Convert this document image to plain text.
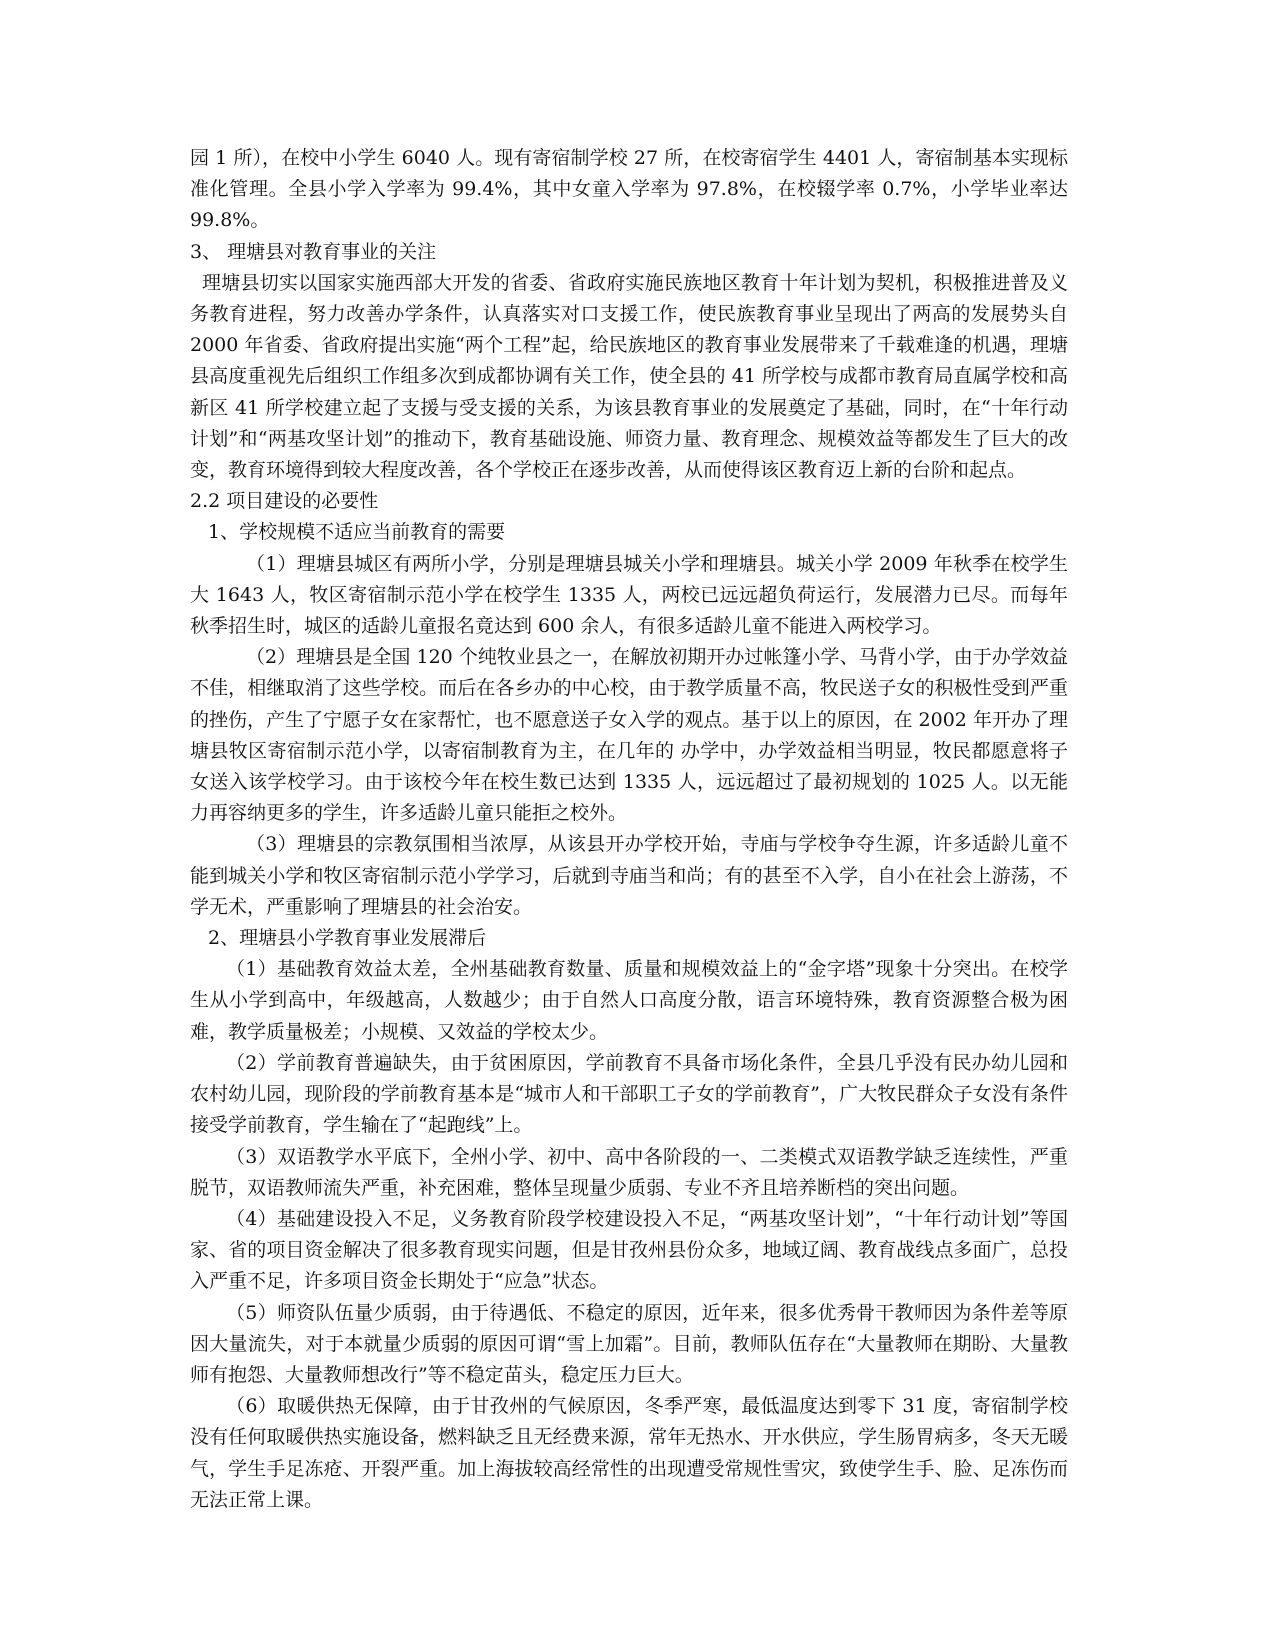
园 1 所），在校中小学生 6040 人。现有寄宿制学校 27 所，在校寄宿学生 4401 人，寄宿制基本实现标准化管理。全县小学入学率为 99.4%，其中女童入学率为 97.8%，在校辍学率 0.7%，小学毕业率达 99.8%。

3、 理塘县对教育事业的关注

理塘县切实以国家实施西部大开发的省委、省政府实施民族地区教育十年计划为契机，积极推进普及义务教育进程，努力改善办学条件，认真落实对口支援工作，使民族教育事业呈现出了两高的发展势头自 2000 年省委、省政府提出实施“两个工程”起，给民族地区的教育事业发展带来了千载难逢的机遇，理塘县高度重视先后组织工作组多次到成都协调有关工作，使全县的 41 所学校与成都市教育局直属学校和高新区 41 所学校建立起了支援与受支援的关系，为该县教育事业的发展奠定了基础，同时，在“十年行动计划”和“两基攻坚计划”的推动下，教育基础设施、师资力量、教育理念、规模效益等都发生了巨大的改变，教育环境得到较大程度改善，各个学校正在逐步改善，从而使得该区教育迈上新的台阶和起点。

2.2 项目建设的必要性

1、学校规模不适应当前教育的需要

（1）理塘县城区有两所小学，分别是理塘县城关小学和理塘县。城关小学 2009 年秋季在校学生大 1643 人，牧区寄宿制示范小学在校学生 1335 人，两校已远远超负荷运行，发展潜力已尽。而每年秋季招生时，城区的适龄儿童报名竟达到 600 余人，有很多适龄儿童不能进入两校学习。

（2）理塘县是全国 120 个纯牧业县之一，在解放初期开办过帐篷小学、马背小学，由于办学效益不佳，相继取消了这些学校。而后在各乡办的中心校，由于教学质量不高，牧民送子女的积极性受到严重的挫伤，产生了宁愿子女在家帮忙，也不愿意送子女入学的观点。基于以上的原因，在 2002 年开办了理塘县牧区寄宿制示范小学，以寄宿制教育为主，在几年的 办学中，办学效益相当明显，牧民都愿意将子女送入该学校学习。由于该校今年在校生数已达到 1335 人，远远超过了最初规划的 1025 人。以无能力再容纳更多的学生，许多适龄儿童只能拒之校外。

（3）理塘县的宗教氛围相当浓厚，从该县开办学校开始，寺庙与学校争夺生源，许多适龄儿童不能到城关小学和牧区寄宿制示范小学学习，后就到寺庙当和尚；有的甚至不入学，自小在社会上游荡，不学无术，严重影响了理塘县的社会治安。

2、理塘县小学教育事业发展滞后

（1）基础教育效益太差，全州基础教育数量、质量和规模效益上的“金字塔”现象十分突出。在校学生从小学到高中，年级越高，人数越少；由于自然人口高度分散，语言环境特殊，教育资源整合极为困难，教学质量极差；小规模、又效益的学校太少。

（2）学前教育普遍缺失，由于贫困原因，学前教育不具备市场化条件，全县几乎没有民办幼儿园和农村幼儿园，现阶段的学前教育基本是“城市人和干部职工子女的学前教育”，广大牧民群众子女没有条件接受学前教育，学生输在了“起跑线”上。

（3）双语教学水平底下，全州小学、初中、高中各阶段的一、二类模式双语教学缺乏连续性，严重脱节，双语教师流失严重，补充困难，整体呈现量少质弱、专业不齐且培养断档的突出问题。

（4）基础建设投入不足，义务教育阶段学校建设投入不足，“两基攻坚计划”，“十年行动计划”等国家、省的项目资金解决了很多教育现实问题，但是甘孜州县份众多，地域辽阔、教育战线点多面广，总投入严重不足，许多项目资金长期处于“应急”状态。

（5）师资队伍量少质弱，由于待遇低、不稳定的原因，近年来，很多优秀骨干教师因为条件差等原因大量流失，对于本就量少质弱的原因可谓“雪上加霜”。目前，教师队伍存在“大量教师在期盼、大量教师有抱怨、大量教师想改行”等不稳定苗头，稳定压力巨大。

（6）取暖供热无保障，由于甘孜州的气候原因，冬季严寒，最低温度达到零下 31 度，寄宿制学校没有任何取暖供热实施设备，燃料缺乏且无经费来源，常年无热水、开水供应，学生肠胃病多，冬天无暖气，学生手足冻疮、开裂严重。加上海拔较高经常性的出现遭受常规性雪灾，致使学生手、脸、足冻伤而无法正常上课。
